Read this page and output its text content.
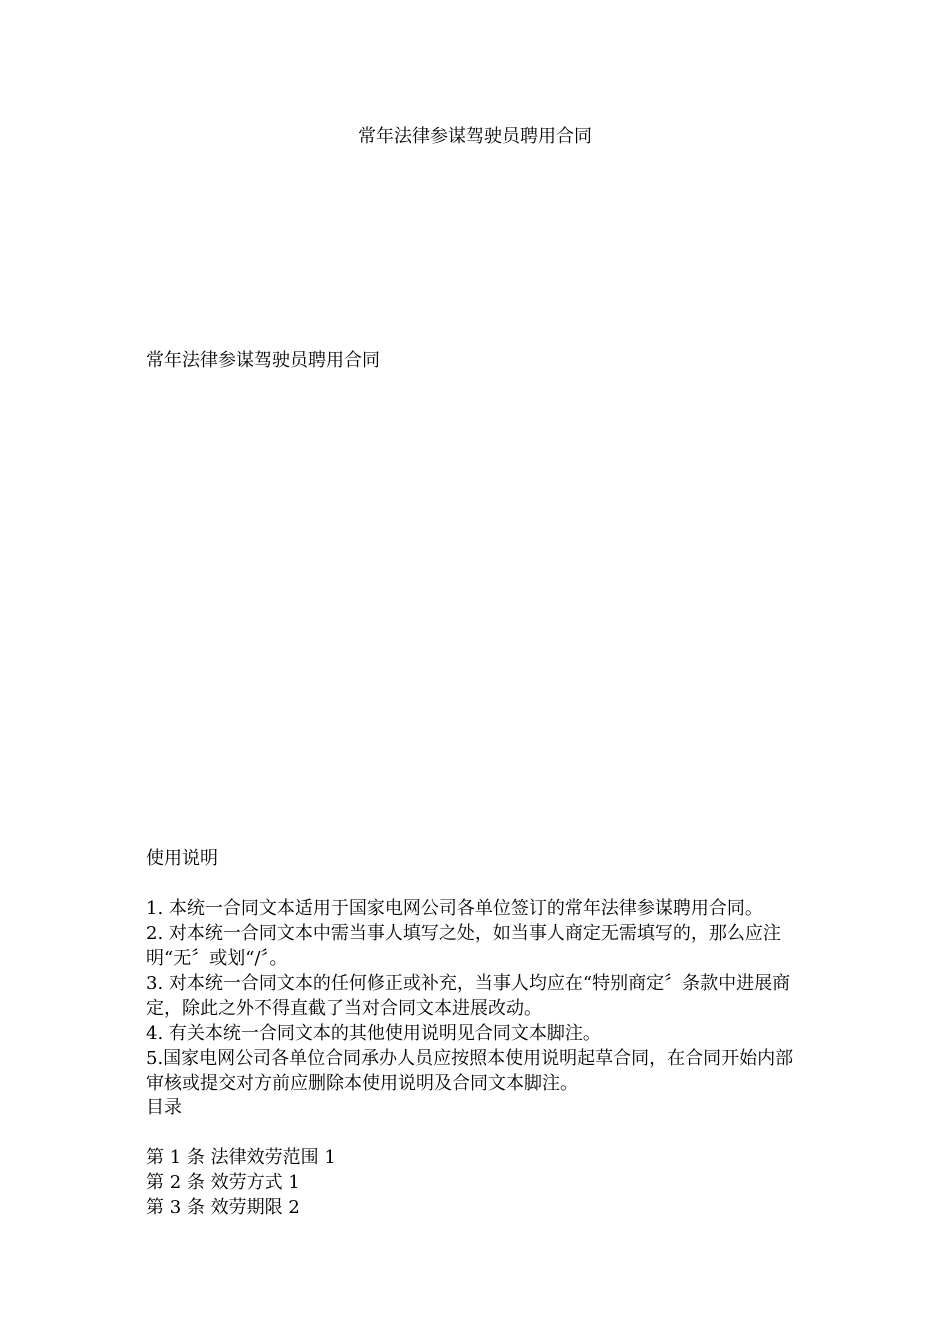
常年法律参谋驾驶员聘用合同
常年法律参谋驾驶员聘用合同

使用说明

1. 本统一合同文本适用于国家电网公司各单位签订的常年法律参谋聘用合同。

2. 对本统一合同文本中需当事人填写之处，如当事人商定无需填写的，那么应注明“无〞或划“/〞。

3. 对本统一合同文本的任何修正或补充，当事人均应在“特别商定〞条款中进展商定，除此之外不得直截了当对合同文本进展改动。

4. 有关本统一合同文本的其他使用说明见合同文本脚注。

5.国家电网公司各单位合同承办人员应按照本使用说明起草合同，在合同开始内部审核或提交对方前应删除本使用说明及合同文本脚注。

目录

第 1 条 法律效劳范围 1

第 2 条 效劳方式 1

第 3 条 效劳期限 2
